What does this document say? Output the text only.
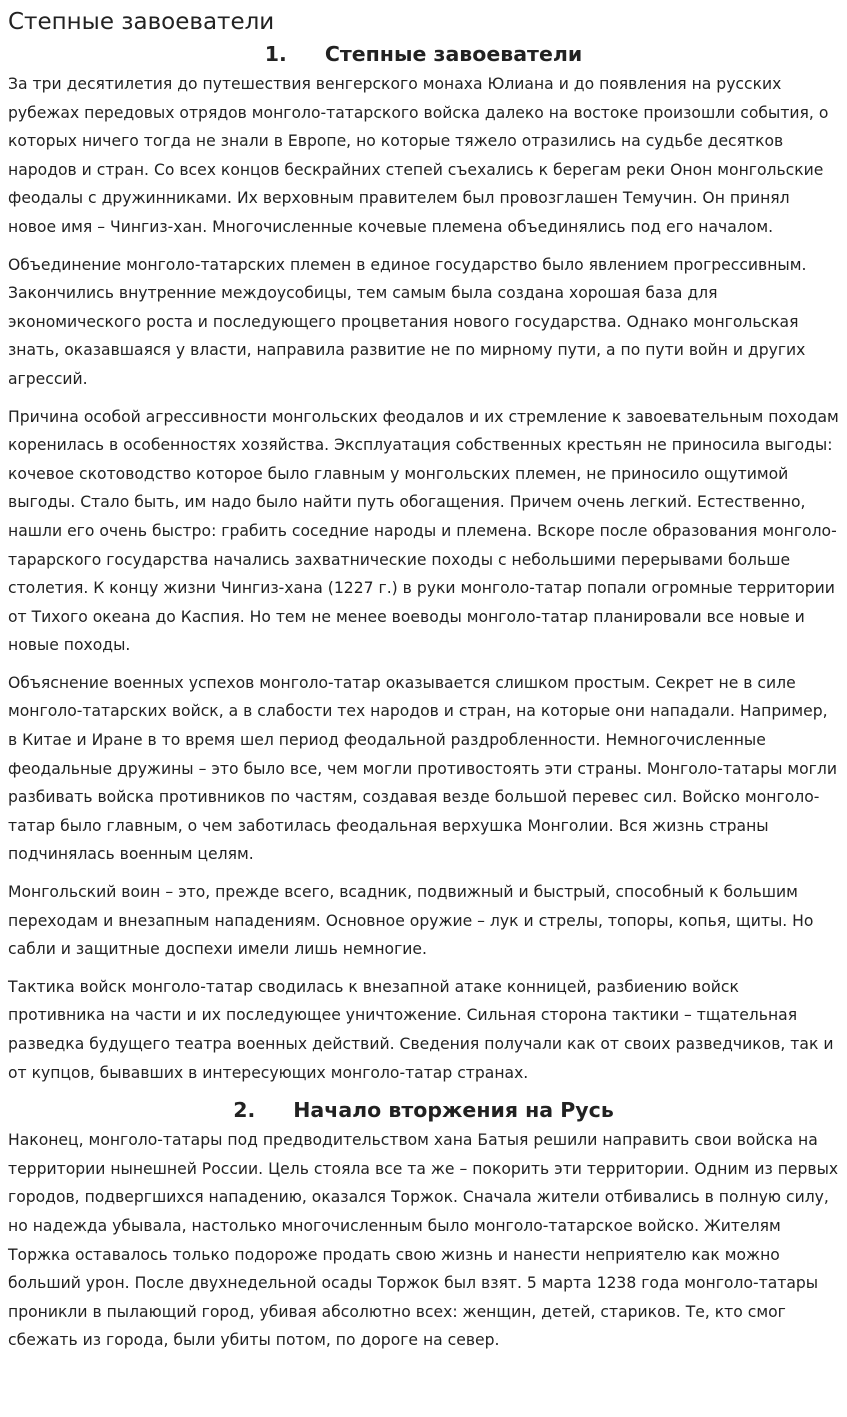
Степные завоеватели
1. Степные завоеватели

За три десятилетия до путешествия венгерского монаха Юлиана и до появления на русских рубежах передовых отрядов монголо-татарского войска далеко на востоке произошли события, о которых ничего тогда не знали в Европе, но которые тяжело отразились на судьбе десятков народов и стран. Со всех концов бескрайних степей съехались к берегам реки Онон монгольские феодалы с дружинниками. Их верховным правителем был провозглашен Темучин. Он принял новое имя – Чингиз-хан. Многочисленные кочевые племена объединялись под его началом.

Объединение монголо-татарских племен в единое государство было явлением прогрессивным. Закончились внутренние междоусобицы, тем самым была создана хорошая база для экономического роста и последующего процветания нового государства. Однако монгольская знать, оказавшаяся у власти, направила развитие не по мирному пути, а по пути войн и других агрессий.

Причина особой агрессивности монгольских феодалов и их стремление к завоевательным походам коренилась в особенностях хозяйства. Эксплуатация собственных крестьян не приносила выгоды: кочевое скотоводство которое было главным у монгольских племен, не приносило ощутимой выгоды. Стало быть, им надо было найти путь обогащения. Причем очень легкий. Естественно, нашли его очень быстро: грабить соседние народы и племена. Вскоре после образования монголо-тарарского государства начались захватнические походы с небольшими перерывами больше столетия. К концу жизни Чингиз-хана (1227 г.) в руки монголо-татар попали огромные территории от Тихого океана до Каспия. Но тем не менее воеводы монголо-татар планировали все новые и новые походы.

Объяснение военных успехов монголо-татар оказывается слишком простым. Секрет не в силе монголо-татарских войск, а в слабости тех народов и стран, на которые они нападали. Например, в Китае и Иране в то время шел период феодальной раздробленности. Немногочисленные феодальные дружины – это было все, чем могли противостоять эти страны. Монголо-татары могли разбивать войска противников по частям, создавая везде большой перевес сил. Войско монголо-татар было главным, о чем заботилась феодальная верхушка Монголии. Вся жизнь страны подчинялась военным целям.

Монгольский воин – это, прежде всего, всадник, подвижный и быстрый, способный к большим переходам и внезапным нападениям. Основное оружие – лук и стрелы, топоры, копья, щиты. Но сабли и защитные доспехи имели лишь немногие.

Тактика войск монголо-татар сводилась к внезапной атаке конницей, разбиению войск противника на части и их последующее уничтожение. Сильная сторона тактики – тщательная разведка будущего театра военных действий. Сведения получали как от своих разведчиков, так и от купцов, бывавших в интересующих монголо-татар странах.

2. Начало вторжения на Русь

Наконец, монголо-татары под предводительством хана Батыя решили направить свои войска на территории нынешней России. Цель стояла все та же – покорить эти территории. Одним из первых городов, подвергшихся нападению, оказался Торжок. Сначала жители отбивались в полную силу, но надежда убывала, настолько многочисленным было монголо-татарское войско. Жителям Торжка оставалось только подороже продать свою жизнь и нанести неприятелю как можно больший урон. После двухнедельной осады Торжок был взят. 5 марта 1238 года монголо-татары проникли в пылающий город, убивая абсолютно всех: женщин, детей, стариков. Те, кто смог сбежать из города, были убиты потом, по дороге на север.
